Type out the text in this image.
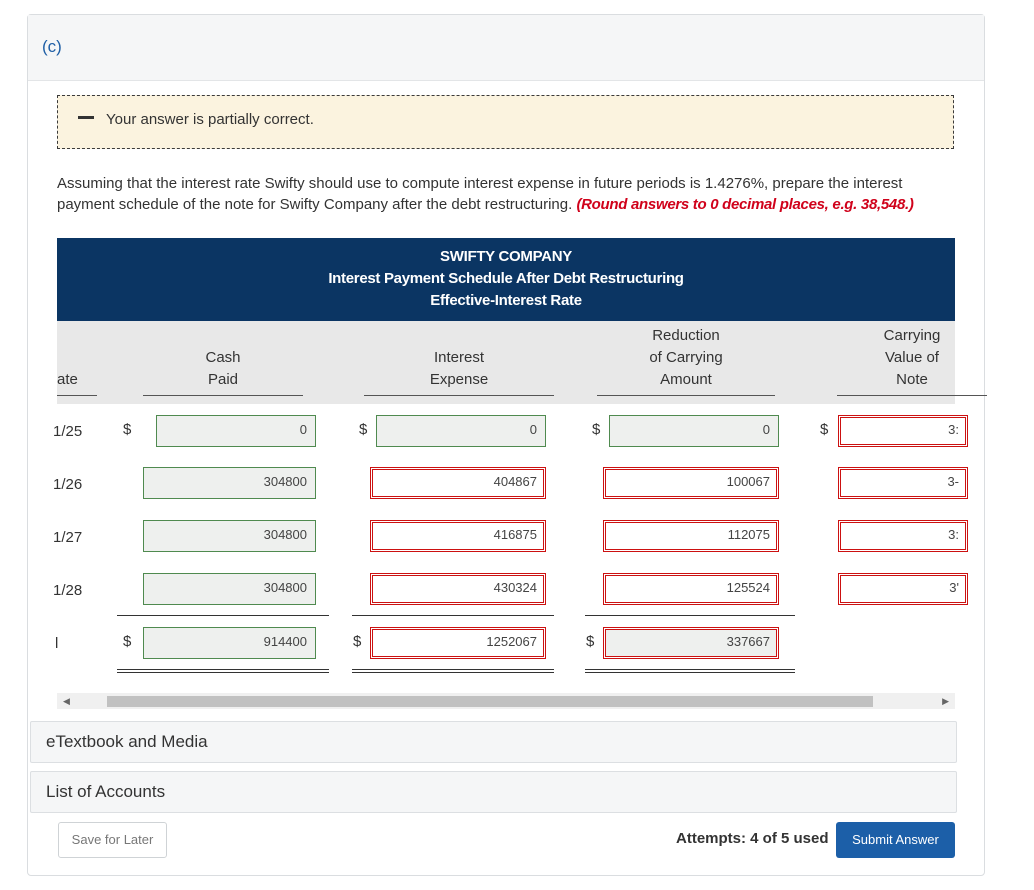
(c)
Your answer is partially correct.
Assuming that the interest rate Swifty should use to compute interest expense in future periods is 1.4276%, prepare the interest payment schedule of the note for Swifty Company after the debt restructuring. (Round answers to 0 decimal places, e.g. 38,548.)
SWIFTY COMPANY
Interest Payment Schedule After Debt Restructuring
Effective-Interest Rate
ate
Cash
Paid
Interest
Expense
Reduction
of Carrying
Amount
Carrying
Value of
Note
1/25	$	0	$	0	$	0	$	3:
1/26	304800	404867	100067	3-
1/27	304800	416875	112075	3:
1/28	304800	430324	125524	3'
l	$	914400	$	1252067	$	337667
◀	▶
eTextbook and Media
List of Accounts
Save for Later	Attempts: 4 of 5 used	Submit Answer
